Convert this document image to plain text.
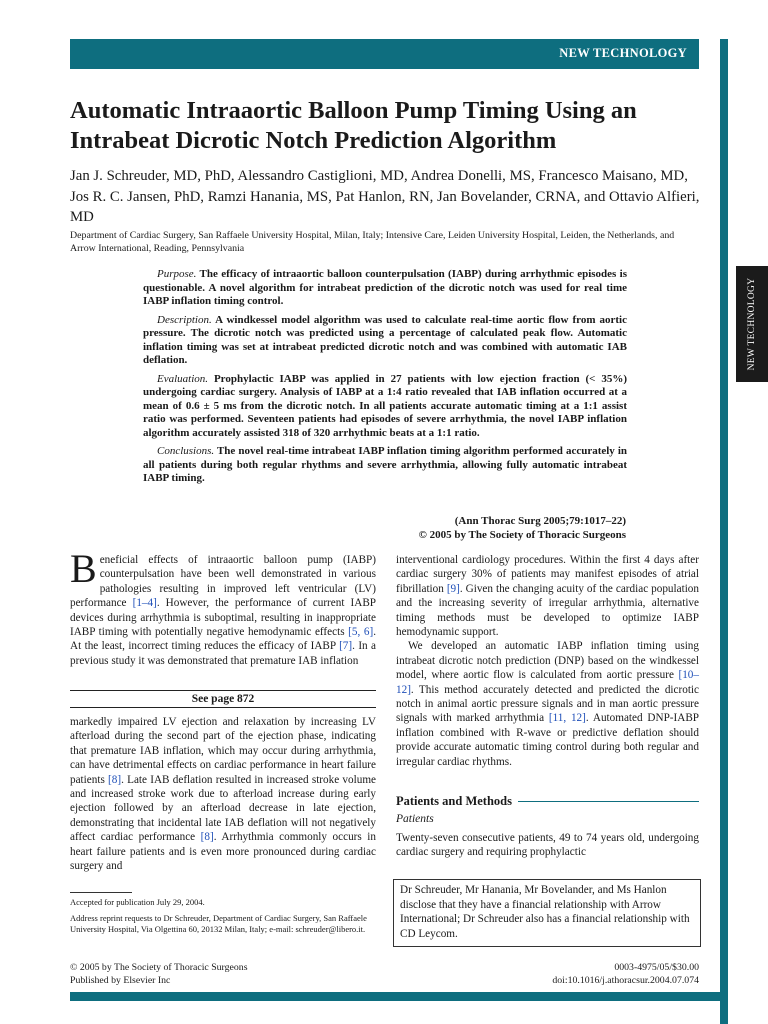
NEW TECHNOLOGY
NEW TECHNOLOGY
Automatic Intraaortic Balloon Pump Timing Using an Intrabeat Dicrotic Notch Prediction Algorithm

Jan J. Schreuder, MD, PhD, Alessandro Castiglioni, MD, Andrea Donelli, MS, Francesco Maisano, MD, Jos R. C. Jansen, PhD, Ramzi Hanania, MS, Pat Hanlon, RN, Jan Bovelander, CRNA, and Ottavio Alfieri, MD

Department of Cardiac Surgery, San Raffaele University Hospital, Milan, Italy; Intensive Care, Leiden University Hospital, Leiden, the Netherlands, and Arrow International, Reading, Pennsylvania

Purpose. The efficacy of intraaortic balloon counterpulsation (IABP) during arrhythmic episodes is questionable. A novel algorithm for intrabeat prediction of the dicrotic notch was used for real time IABP inflation timing control.

Description. A windkessel model algorithm was used to calculate real-time aortic flow from aortic pressure. The dicrotic notch was predicted using a percentage of calculated peak flow. Automatic inflation timing was set at intrabeat predicted dicrotic notch and was combined with automatic IAB deflation.

Evaluation. Prophylactic IABP was applied in 27 patients with low ejection fraction (< 35%) undergoing cardiac surgery. Analysis of IABP at a 1:4 ratio revealed that IAB inflation occurred at a mean of 0.6 ± 5 ms from the dicrotic notch. In all patients accurate automatic timing at a 1:1 assist ratio was performed. Seventeen patients had episodes of severe arrhythmia, the novel IABP inflation algorithm accurately assisted 318 of 320 arrhythmic beats at a 1:1 ratio.

Conclusions. The novel real-time intrabeat IABP inflation timing algorithm performed accurately in all patients during both regular rhythms and severe arrhythmia, allowing fully automatic intrabeat IABP timing.

(Ann Thorac Surg 2005;79:1017–22)
© 2005 by The Society of Thoracic Surgeons

Beneficial effects of intraaortic balloon pump (IABP) counterpulsation have been well demonstrated in various pathologies resulting in improved left ventricular (LV) performance [1–4]. However, the performance of current IABP devices during arrhythmia is suboptimal, resulting in inappropriate IABP timing with potentially negative hemodynamic effects [5, 6]. At the least, incorrect timing reduces the efficacy of IABP [7]. In a previous study it was demonstrated that premature IAB inflation

See page 872

markedly impaired LV ejection and relaxation by increasing LV afterload during the second part of the ejection phase, indicating that premature IAB inflation, which may occur during arrhythmia, can have detrimental effects on cardiac performance in heart failure patients [8]. Late IAB deflation resulted in increased stroke volume and increased stroke work due to afterload increase during early ejection followed by an afterload decrease in late ejection, demonstrating that incidental late IAB deflation will not negatively affect cardiac performance [8]. Arrhythmia commonly occurs in heart failure patients and is even more pronounced during cardiac surgery and

Accepted for publication July 29, 2004.
Address reprint requests to Dr Schreuder, Department of Cardiac Surgery, San Raffaele University Hospital, Via Olgettina 60, 20132 Milan, Italy; e-mail: schreuder@libero.it.

interventional cardiology procedures. Within the first 4 days after cardiac surgery 30% of patients may manifest episodes of atrial fibrillation [9]. Given the changing acuity of the cardiac population and the increasing severity of irregular arrhythmia, alternative timing methods must be developed to optimize IABP hemodynamic support.

We developed an automatic IABP inflation timing using intrabeat dicrotic notch prediction (DNP) based on the windkessel model, where aortic flow is calculated from aortic pressure [10–12]. This method accurately detected and predicted the dicrotic notch in animal aortic pressure signals and in man aortic pressure signals with marked arrhythmia [11, 12]. Automated DNP-IABP inflation combined with R-wave or predictive deflation should provide accurate automatic timing control during both regular and irregular cardiac rhythms.

Patients and Methods
Patients
Twenty-seven consecutive patients, 49 to 74 years old, undergoing cardiac surgery and requiring prophylactic
Dr Schreuder, Mr Hanania, Mr Bovelander, and Ms Hanlon disclose that they have a financial relationship with Arrow International; Dr Schreuder also has a financial relationship with CD Leycom.
© 2005 by The Society of Thoracic Surgeons
Published by Elsevier Inc
0003-4975/05/$30.00
doi:10.1016/j.athoracsur.2004.07.074
